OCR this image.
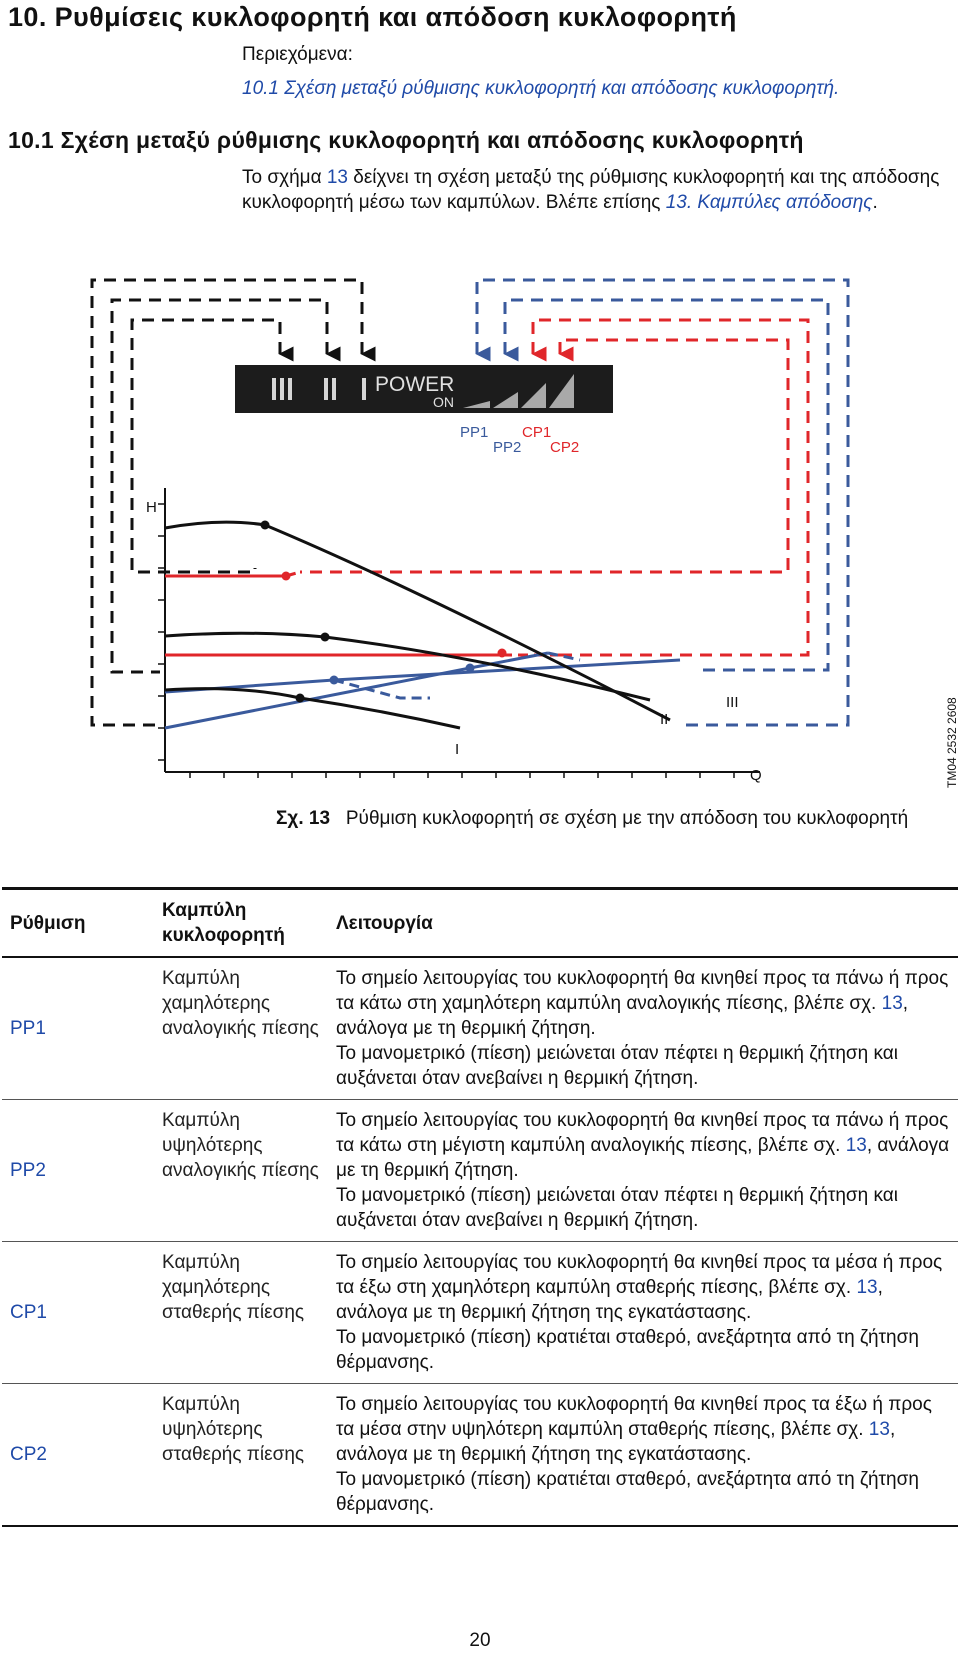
10. Ρυθμίσεις κυκλοφορητή και απόδοση κυκλοφορητή
Περιεχόμενα:
10.1 Σχέση μεταξύ ρύθμισης κυκλοφορητή και απόδοσης κυκλοφορητή.
10.1 Σχέση μεταξύ ρύθμισης κυκλοφορητή και απόδοσης κυκλοφορητή
Το σχήμα 13 δείχνει τη σχέση μεταξύ της ρύθμισης κυκλοφορητή και της απόδοσης κυκλοφορητή μέσω των καμπύλων. Βλέπε επίσης 13. Καμπύλες απόδοσης.
POWER
ON
PP1
PP2
CP1
CP2
H
Q
I
II
III	TM04 2532 2608
Σχ. 13 Ρύθμιση κυκλοφορητή σε σχέση με την απόδοση του κυκλοφορητή
Ρύθμιση	Καμπύλη κυκλοφορητή	Λειτουργία
PP1	Καμπύλη χαμηλότερης αναλογικής πίεσης	Το σημείο λειτουργίας του κυκλοφορητή θα κινηθεί προς τα πάνω ή προς τα κάτω στη χαμηλότερη καμπύλη αναλογικής πίεσης, βλέπε σχ. 13, ανάλογα με τη θερμική ζήτηση.
Το μανομετρικό (πίεση) μειώνεται όταν πέφτει η θερμική ζήτηση και αυξάνεται όταν ανεβαίνει η θερμική ζήτηση.
PP2	Καμπύλη υψηλότερης αναλογικής πίεσης	Το σημείο λειτουργίας του κυκλοφορητή θα κινηθεί προς τα πάνω ή προς τα κάτω στη μέγιστη καμπύλη αναλογικής πίεσης, βλέπε σχ. 13, ανάλογα με τη θερμική ζήτηση.
Το μανομετρικό (πίεση) μειώνεται όταν πέφτει η θερμική ζήτηση και αυξάνεται όταν ανεβαίνει η θερμική ζήτηση.
CP1	Καμπύλη χαμηλότερης σταθερής πίεσης	Το σημείο λειτουργίας του κυκλοφορητή θα κινηθεί προς τα μέσα ή προς τα έξω στη χαμηλότερη καμπύλη σταθερής πίεσης, βλέπε σχ. 13, ανάλογα με τη θερμική ζήτηση της εγκατάστασης.
Το μανομετρικό (πίεση) κρατιέται σταθερό, ανεξάρτητα από τη ζήτηση θέρμανσης.
CP2	Καμπύλη υψηλότερης σταθερής πίεσης	Το σημείο λειτουργίας του κυκλοφορητή θα κινηθεί προς τα έξω ή προς τα μέσα στην υψηλότερη καμπύλη σταθερής πίεσης, βλέπε σχ. 13, ανάλογα με τη θερμική ζήτηση της εγκατάστασης.
Το μανομετρικό (πίεση) κρατιέται σταθερό, ανεξάρτητα από τη ζήτηση θέρμανσης.
20
